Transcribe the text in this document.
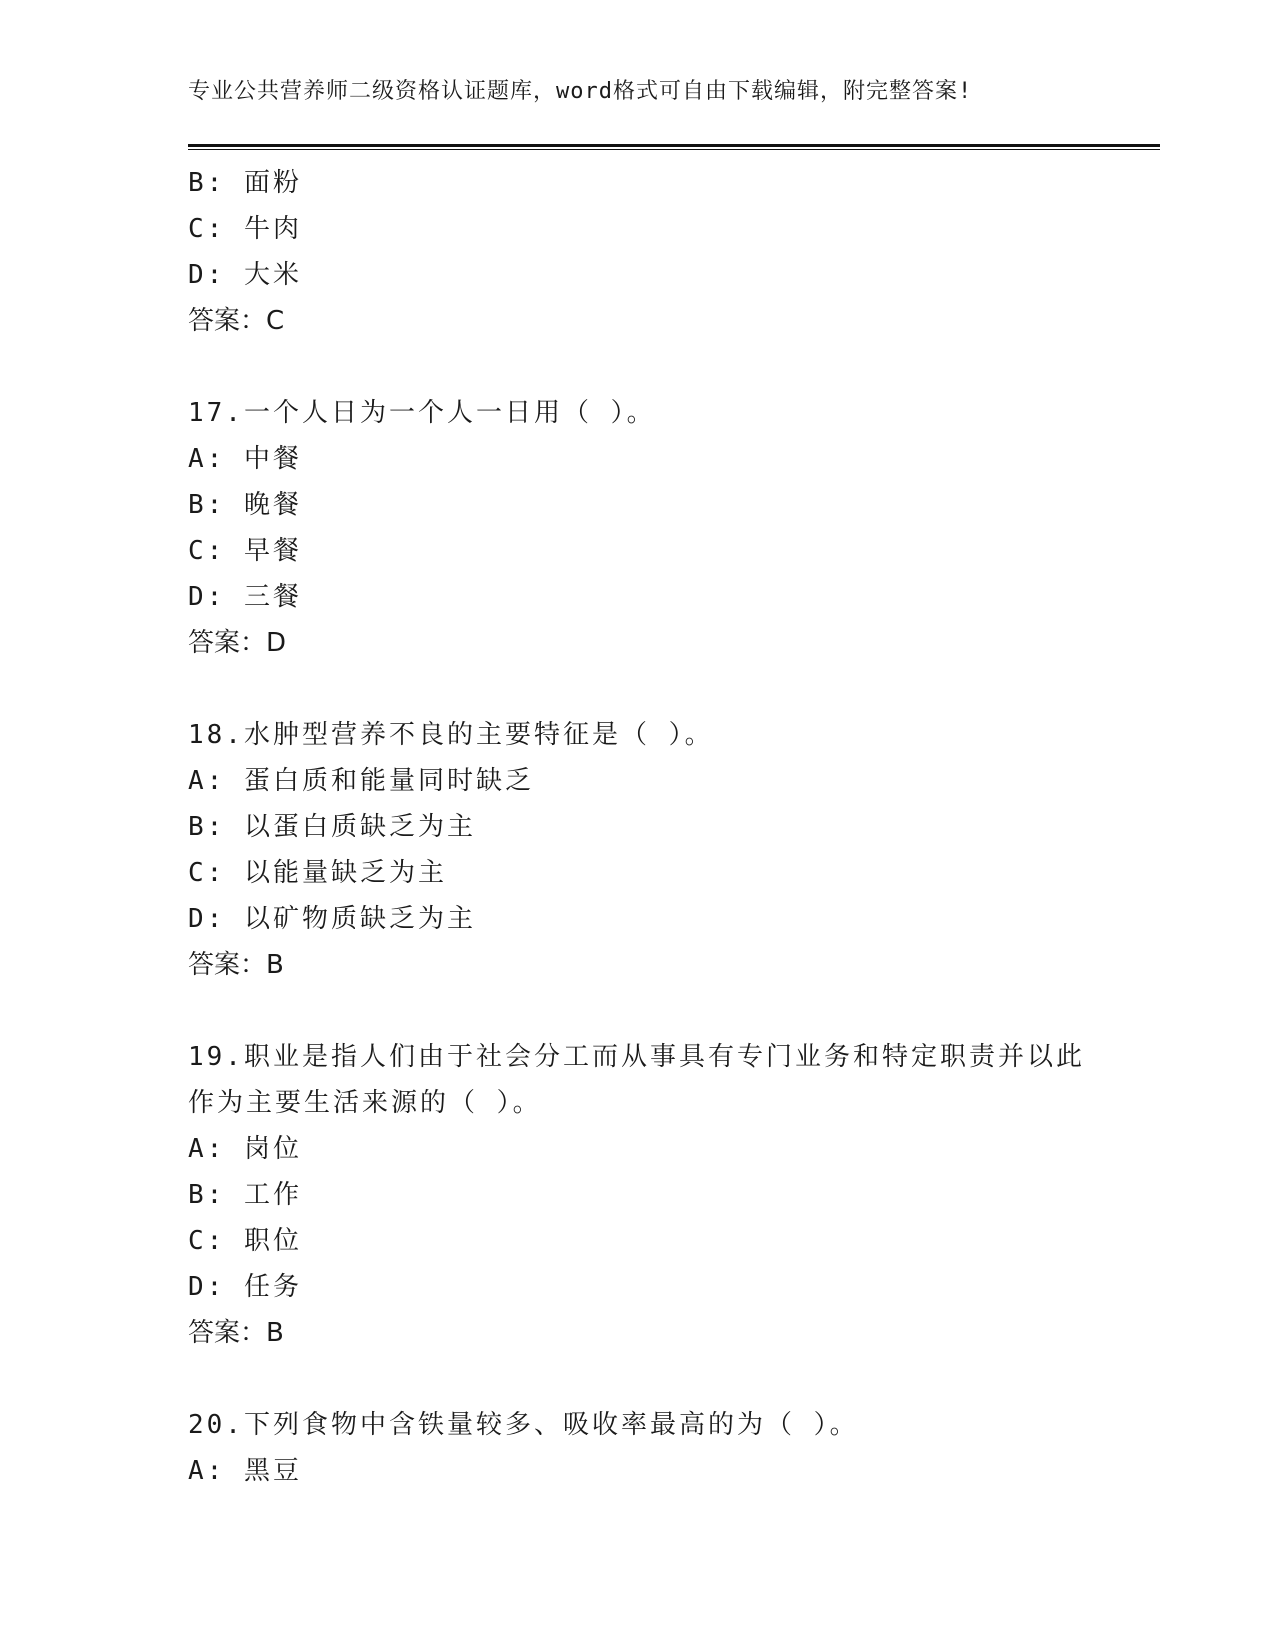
专业公共营养师二级资格认证题库，word格式可自由下载编辑，附完整答案!
B: 面粉
C: 牛肉
D: 大米
答案：C
17.一个人日为一个人一日用（ ）。
A: 中餐
B: 晚餐
C: 早餐
D: 三餐
答案：D
18.水肿型营养不良的主要特征是（ ）。
A: 蛋白质和能量同时缺乏
B: 以蛋白质缺乏为主
C: 以能量缺乏为主
D: 以矿物质缺乏为主
答案：B
19.职业是指人们由于社会分工而从事具有专门业务和特定职责并以此
作为主要生活来源的（ ）。
A: 岗位
B: 工作
C: 职位
D: 任务
答案：B
20.下列食物中含铁量较多、吸收率最高的为（ ）。
A: 黑豆
